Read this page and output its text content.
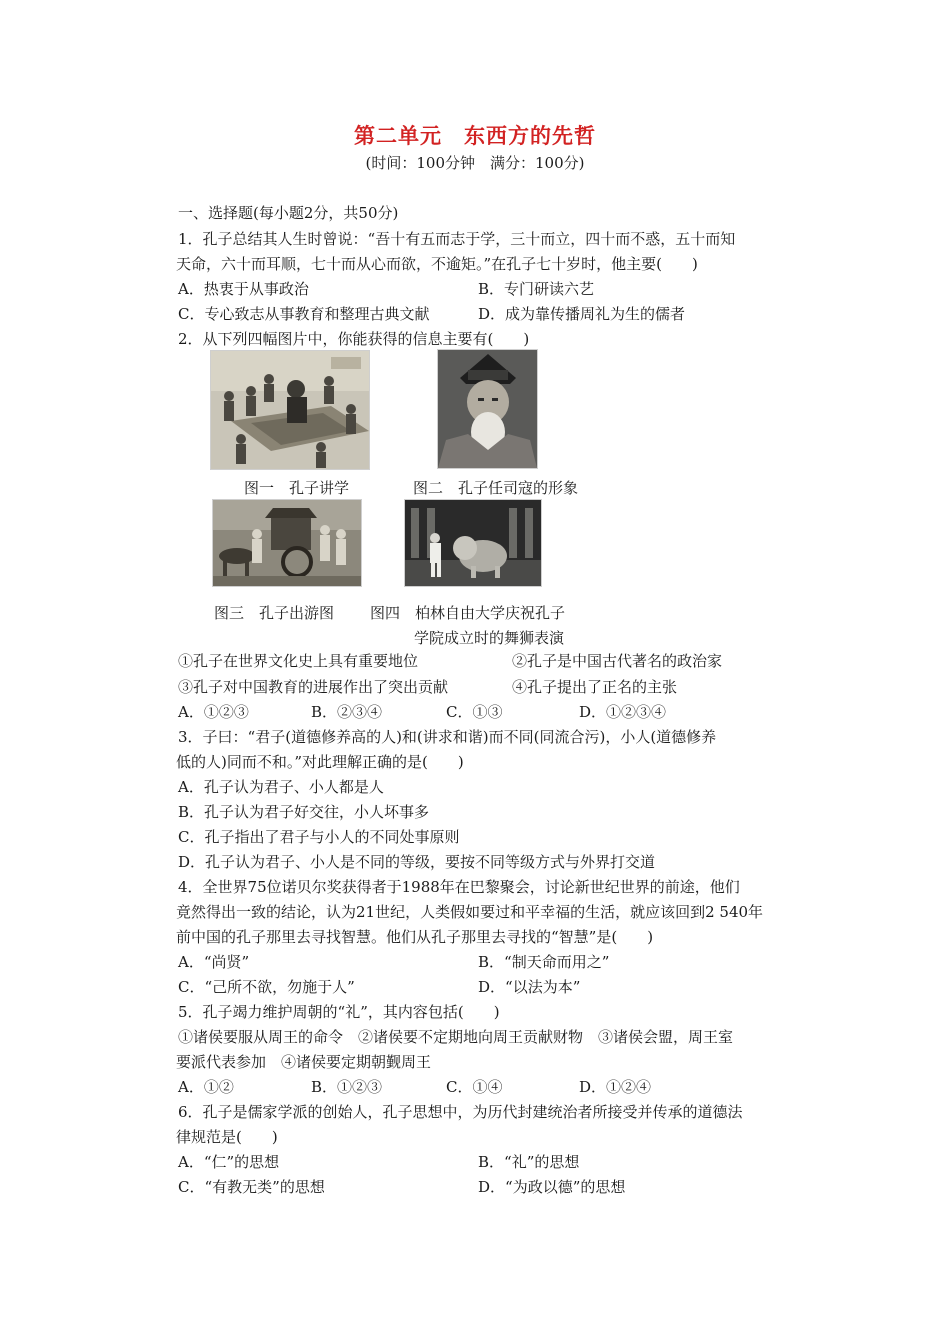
第二单元　东西方的先哲
(时间：100分钟　满分：100分)
一、选择题(每小题2分，共50分)
1．孔子总结其人生时曾说：“吾十有五而志于学，三十而立，四十而不惑，五十而知
天命，六十而耳顺，七十而从心而欲，不逾矩。”在孔子七十岁时，他主要(　　)
A．热衷于从事政治	B．专门研读六艺
C．专心致志从事教育和整理古典文献	D．成为靠传播周礼为生的儒者
2．从下列四幅图片中，你能获得的信息主要有(　　)
图一　孔子讲学	图二　孔子任司寇的形象
图三　孔子出游图 图四　柏林自由大学庆祝孔子
学院成立时的舞狮表演
①孔子在世界文化史上具有重要地位	②孔子是中国古代著名的政治家
③孔子对中国教育的进展作出了突出贡献	④孔子提出了正名的主张
A．①②③	B．②③④	C．①③	D．①②③④
3．子曰：“君子(道德修养高的人)和(讲求和谐)而不同(同流合污)，小人(道德修养
低的人)同而不和。”对此理解正确的是(　　)
A．孔子认为君子、小人都是人
B．孔子认为君子好交往，小人坏事多
C．孔子指出了君子与小人的不同处事原则
D．孔子认为君子、小人是不同的等级，要按不同等级方式与外界打交道
4．全世界75位诺贝尔奖获得者于1988年在巴黎聚会，讨论新世纪世界的前途，他们
竟然得出一致的结论，认为21世纪，人类假如要过和平幸福的生活，就应该回到2 540年
前中国的孔子那里去寻找智慧。他们从孔子那里去寻找的“智慧”是(　　)
A．“尚贤”	B．“制天命而用之”
C．“己所不欲，勿施于人”	D．“以法为本”
5．孔子竭力维护周朝的“礼”，其内容包括(　　)
①诸侯要服从周王的命令　②诸侯要不定期地向周王贡献财物　③诸侯会盟，周王室
要派代表参加　④诸侯要定期朝觐周王
A．①②	B．①②③	C．①④	D．①②④
6．孔子是儒家学派的创始人，孔子思想中，为历代封建统治者所接受并传承的道德法
律规范是(　　)
A．“仁”的思想	B．“礼”的思想
C．“有教无类”的思想	D．“为政以德”的思想
